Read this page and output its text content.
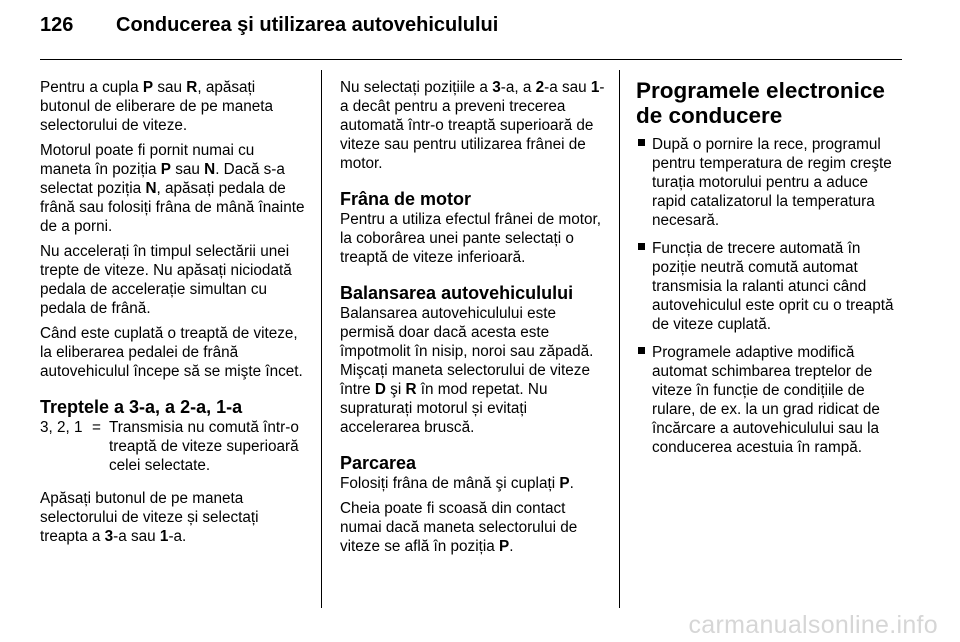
126 Conducerea şi utilizarea autovehiculului

Pentru a cupla P sau R, apăsați butonul de eliberare de pe maneta selectorului de viteze.

Motorul poate fi pornit numai cu maneta în poziția P sau N. Dacă s-a selectat poziția N, apăsați pedala de frână sau folosiți frâna de mână înainte de a porni.

Nu accelerați în timpul selectării unei trepte de viteze. Nu apăsați niciodată pedala de accelerație simultan cu pedala de frână.

Când este cuplată o treaptă de viteze, la eliberarea pedalei de frână autovehiculul începe să se mişte încet.

Treptele a 3-a, a 2-a, 1-a
3, 2, 1 = Transmisia nu comută într-o treaptă de viteze superioară celei selectate.

Apăsați butonul de pe maneta selectorului de viteze și selectați treapta a 3-a sau 1-a.

Nu selectați pozițiile a 3-a, a 2-a sau 1-a decât pentru a preveni trecerea automată într-o treaptă superioară de viteze sau pentru utilizarea frânei de motor.

Frâna de motor

Pentru a utiliza efectul frânei de motor, la coborârea unei pante selectați o treaptă de viteze inferioară.

Balansarea autovehiculului

Balansarea autovehiculului este permisă doar dacă acesta este împotmolit în nisip, noroi sau zăpadă. Mişcați maneta selectorului de viteze între D şi R în mod repetat. Nu supraturați motorul și evitați accelerarea bruscă.

Parcarea

Folosiți frâna de mână şi cuplați P.

Cheia poate fi scoasă din contact numai dacă maneta selectorului de viteze se află în poziția P.

Programele electronice de conducere
După o pornire la rece, programul pentru temperatura de regim creşte turația motorului pentru a aduce rapid catalizatorul la temperatura necesară.
Funcția de trecere automată în poziție neutră comută automat transmisia la ralanti atunci când autovehiculul este oprit cu o treaptă de viteze cuplată.
Programele adaptive modifică automat schimbarea treptelor de viteze în funcție de condițiile de rulare, de ex. la un grad ridicat de încărcare a autovehiculului sau la conducerea acestuia în rampă.
carmanualsonline.info
